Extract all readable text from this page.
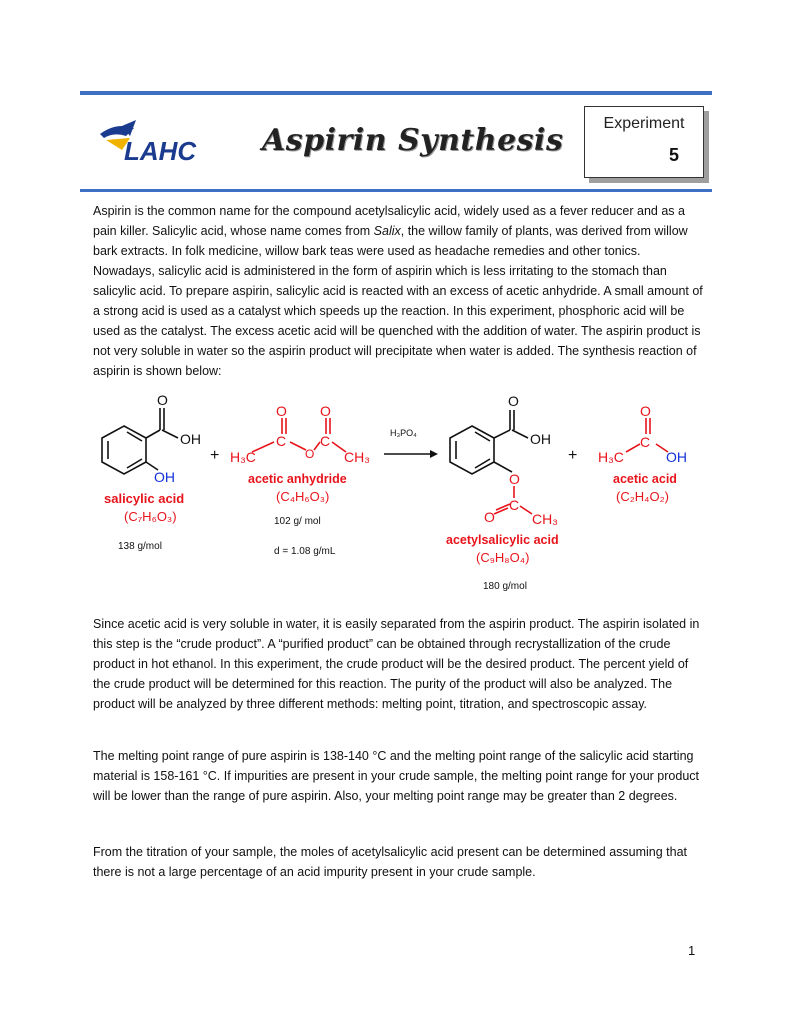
LAHC Aspirin Synthesis	Experiment
5

Aspirin is the common name for the compound acetylsalicylic acid, widely used as a fever reducer and as a pain killer. Salicylic acid, whose name comes from Salix, the willow family of plants, was derived from willow bark extracts. In folk medicine, willow bark teas were used as headache remedies and other tonics. Nowadays, salicylic acid is administered in the form of aspirin which is less irritating to the stomach than salicylic acid. To prepare aspirin, salicylic acid is reacted with an excess of acetic anhydride. A small amount of a strong acid is used as a catalyst which speeds up the reaction. In this experiment, phosphoric acid will be used as the catalyst. The excess acetic acid will be quenched with the addition of water. The aspirin product is not very soluble in water so the aspirin product will precipitate when water is added. The synthesis reaction of aspirin is shown below:

O
OH
OH
salicylic acid
(C₇H₆O₃)
138 g/mol
+
O O
C C
O
H₃C	CH₃
acetic anhydride
(C₄H₆O₃)
102 g/ mol
d = 1.08 g/mL
H₃PO₄
O
OH
O
C
O	CH₃
acetylsalicylic acid
(C₉H₈O₄)
180 g/mol
+
O
C
H₃C	OH
acetic acid
(C₂H₄O₂)

Since acetic acid is very soluble in water, it is easily separated from the aspirin product. The aspirin isolated in this step is the “crude product”. A “purified product” can be obtained through recrystallization of the crude product in hot ethanol. In this experiment, the crude product will be the desired product. The percent yield of the crude product will be determined for this reaction. The purity of the product will also be analyzed. The product will be analyzed by three different methods: melting point, titration, and spectroscopic assay.

The melting point range of pure aspirin is 138-140 °C and the melting point range of the salicylic acid starting material is 158-161 °C. If impurities are present in your crude sample, the melting point range for your product will be lower than the range of pure aspirin. Also, your melting point range may be greater than 2 degrees.

From the titration of your sample, the moles of acetylsalicylic acid present can be determined assuming that there is not a large percentage of an acid impurity present in your crude sample.

1
